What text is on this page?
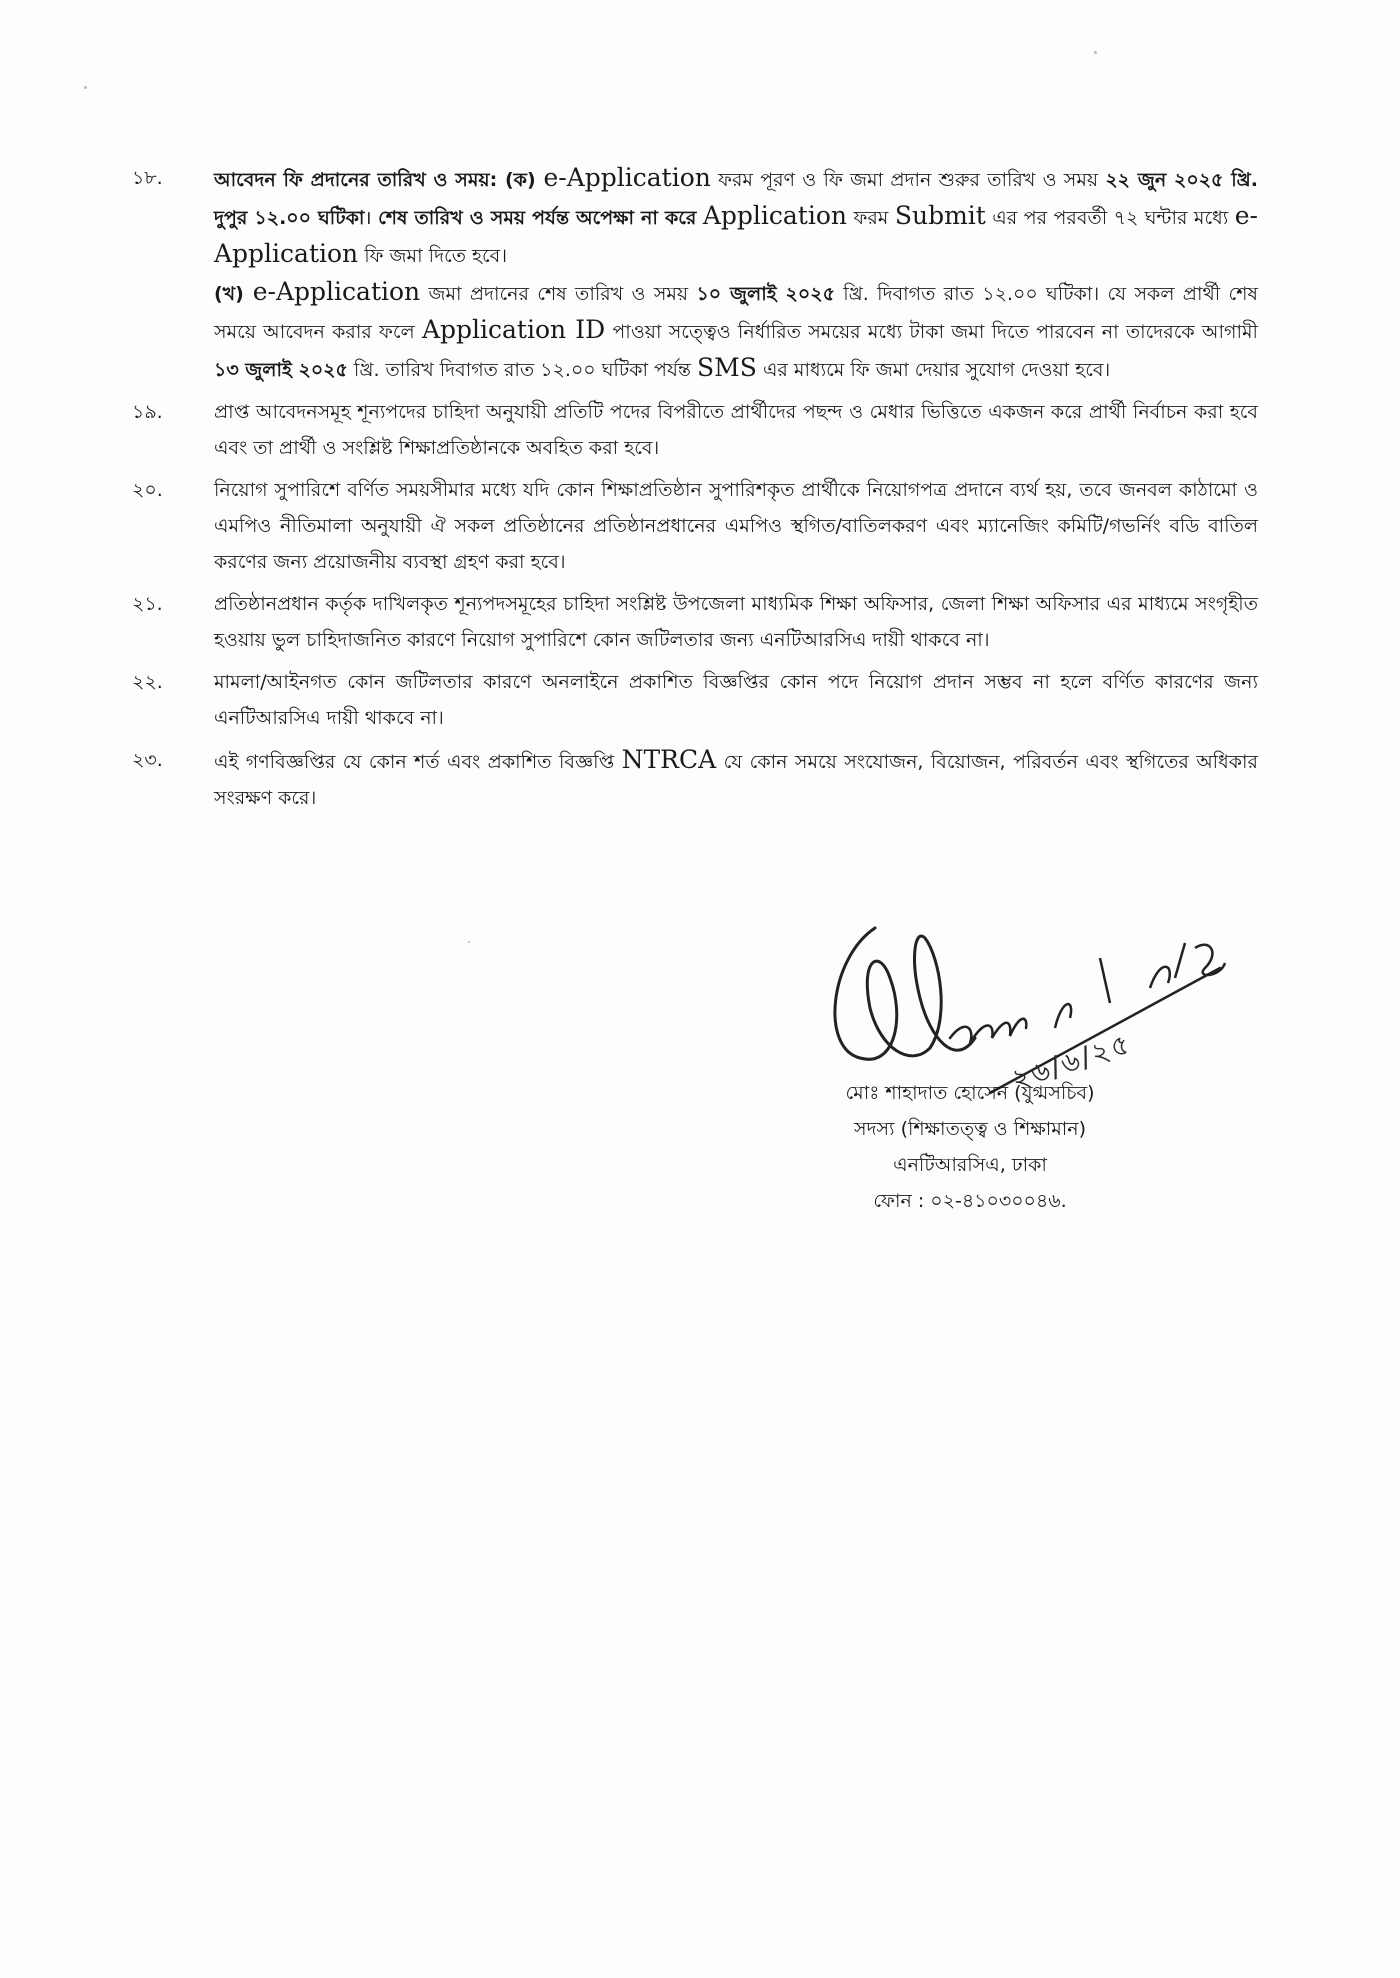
১৮.	আবেদন ফি প্রদানের তারিখ ও সময়: (ক) e-Application ফরম পূরণ ও ফি জমা প্রদান শুরুর তারিখ ও সময় ২২ জুন ২০২৫ খ্রি. দুপুর ১২.০০ ঘটিকা। শেষ তারিখ ও সময় পর্যন্ত অপেক্ষা না করে Application ফরম Submit এর পর পরবর্তী ৭২ ঘন্টার মধ্যে e-Application ফি জমা দিতে হবে।

(খ) e-Application জমা প্রদানের শেষ তারিখ ও সময় ১০ জুলাই ২০২৫ খ্রি. দিবাগত রাত ১২.০০ ঘটিকা। যে সকল প্রার্থী শেষ সময়ে আবেদন করার ফলে Application ID পাওয়া সত্ত্বেও নির্ধারিত সময়ের মধ্যে টাকা জমা দিতে পারবেন না তাদেরকে আগামী ১৩ জুলাই ২০২৫ খ্রি. তারিখ দিবাগত রাত ১২.০০ ঘটিকা পর্যন্ত SMS এর মাধ্যমে ফি জমা দেয়ার সুযোগ দেওয়া হবে।

১৯.	প্রাপ্ত আবেদনসমূহ শূন্যপদের চাহিদা অনুযায়ী প্রতিটি পদের বিপরীতে প্রার্থীদের পছন্দ ও মেধার ভিত্তিতে একজন করে প্রার্থী নির্বাচন করা হবে এবং তা প্রার্থী ও সংশ্লিষ্ট শিক্ষাপ্রতিষ্ঠানকে অবহিত করা হবে।

২০.	নিয়োগ সুপারিশে বর্ণিত সময়সীমার মধ্যে যদি কোন শিক্ষাপ্রতিষ্ঠান সুপারিশকৃত প্রার্থীকে নিয়োগপত্র প্রদানে ব্যর্থ হয়, তবে জনবল কাঠামো ও এমপিও নীতিমালা অনুযায়ী ঐ সকল প্রতিষ্ঠানের প্রতিষ্ঠানপ্রধানের এমপিও স্থগিত/বাতিলকরণ এবং ম্যানেজিং কমিটি/গভর্নিং বডি বাতিল করণের জন্য প্রয়োজনীয় ব্যবস্থা গ্রহণ করা হবে।

২১.	প্রতিষ্ঠানপ্রধান কর্তৃক দাখিলকৃত শূন্যপদসমূহের চাহিদা সংশ্লিষ্ট উপজেলা মাধ্যমিক শিক্ষা অফিসার, জেলা শিক্ষা অফিসার এর মাধ্যমে সংগৃহীত হওয়ায় ভুল চাহিদাজনিত কারণে নিয়োগ সুপারিশে কোন জটিলতার জন্য এনটিআরসিএ দায়ী থাকবে না।

২২.	মামলা/আইনগত কোন জটিলতার কারণে অনলাইনে প্রকাশিত বিজ্ঞপ্তির কোন পদে নিয়োগ প্রদান সম্ভব না হলে বর্ণিত কারণের জন্য এনটিআরসিএ দায়ী থাকবে না।

২৩.	এই গণবিজ্ঞপ্তির যে কোন শর্ত এবং প্রকাশিত বিজ্ঞপ্তি NTRCA যে কোন সময়ে সংযোজন, বিয়োজন, পরিবর্তন এবং স্থগিতের অধিকার সংরক্ষণ করে।

২৬/৬/২৫
মোঃ শাহাদাত হোসেন (যুগ্মসচিব)
সদস্য (শিক্ষাতত্ত্ব ও শিক্ষামান)
এনটিআরসিএ, ঢাকা
ফোন : ০২-৪১০৩০০৪৬.
